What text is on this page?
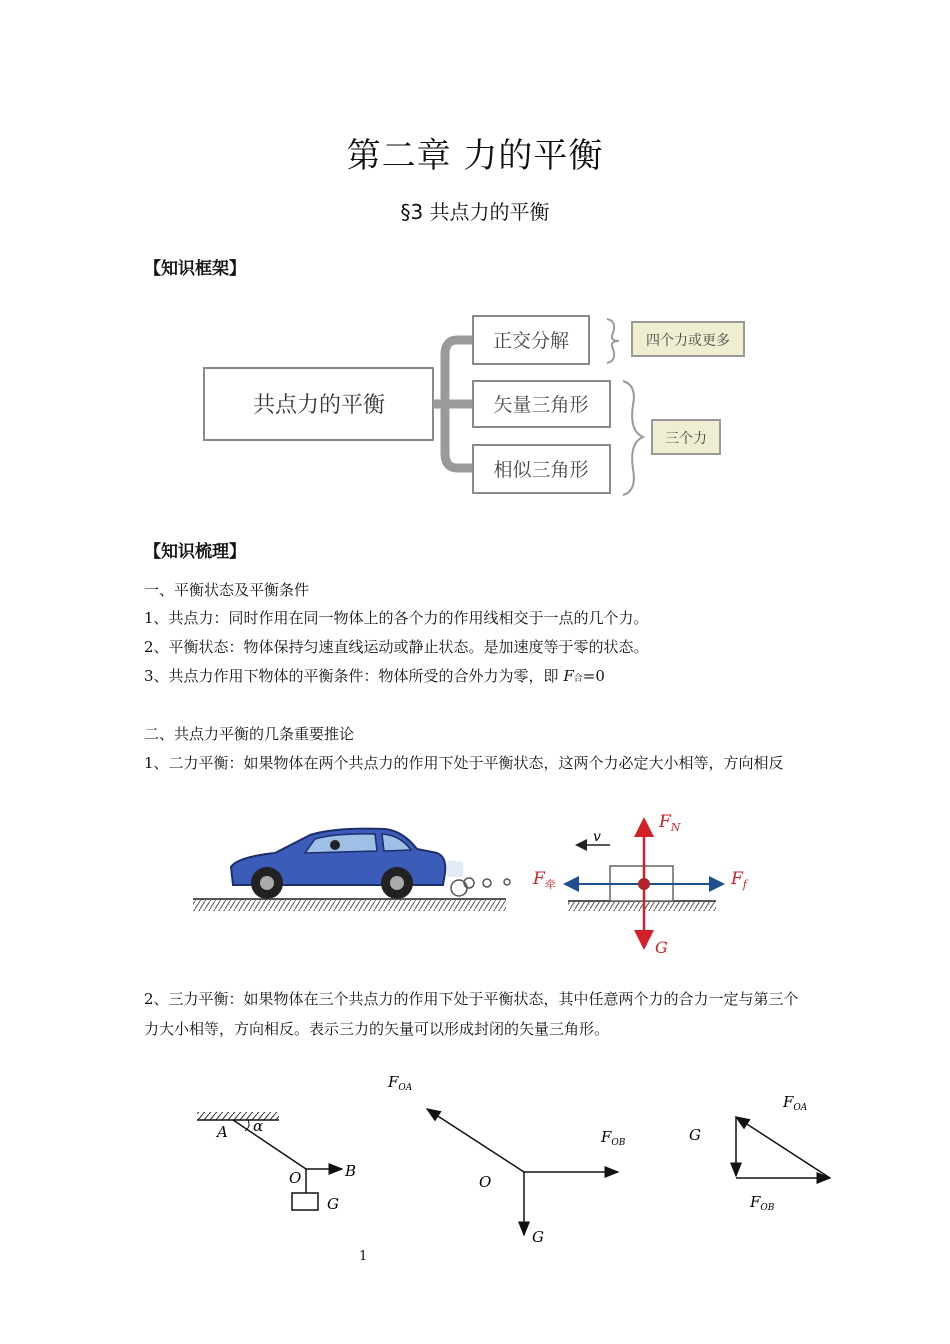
第二章 力的平衡
§3 共点力的平衡
【知识框架】
共点力的平衡
正交分解
矢量三角形
相似三角形
四个力或更多
三个力
【知识梳理】
一、平衡状态及平衡条件
1、共点力：同时作用在同一物体上的各个力的作用线相交于一点的几个力。
2、平衡状态：物体保持匀速直线运动或静止状态。是加速度等于零的状态。
3、共点力作用下物体的平衡条件：物体所受的合外力为零，即 F合=0
二、共点力平衡的几条重要推论
1、二力平衡：如果物体在两个共点力的作用下处于平衡状态，这两个力必定大小相等，方向相反
v
$F_N$
$F_牵$	$F_f$
G
2、三力平衡：如果物体在三个共点力的作用下处于平衡状态，其中任意两个力的合力一定与第三个力大小相等，方向相反。表示三力的矢量可以形成封闭的矢量三角形。
A α
O	B
G
$F_{OA}$
$F_{OB}$
O
G
$F_{OA}$
G
$F_{OB}$
1
